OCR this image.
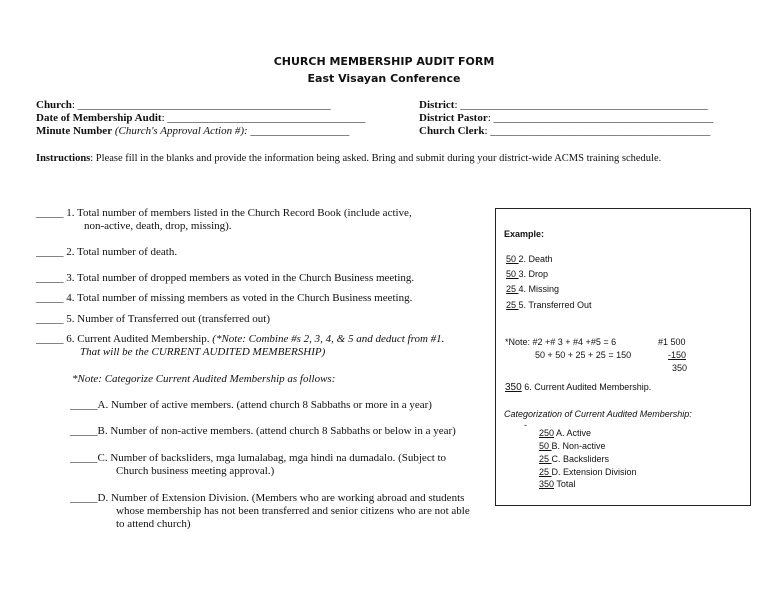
CHURCH MEMBERSHIP AUDIT FORM
East Visayan Conference
Church: ______________________________________________
Date of Membership Audit: ____________________________________
Minute Number (Church's Approval Action #): __________________
District: _____________________________________________
District Pastor: ________________________________________
Church Clerk: ________________________________________
Instructions: Please fill in the blanks and provide the information being asked. Bring and submit during your district-wide ACMS training schedule.
_____ 1. Total number of members listed in the Church Record Book (include active,
non-active, death, drop, missing).
_____ 2. Total number of death.
_____ 3. Total number of dropped members as voted in the Church Business meeting.
_____ 4. Total number of missing members as voted in the Church Business meeting.
_____ 5. Number of Transferred out (transferred out)
_____ 6. Current Audited Membership. (*Note: Combine #s 2, 3, 4, & 5 and deduct from #1.
That will be the CURRENT AUDITED MEMBERSHIP)
*Note: Categorize Current Audited Membership as follows:
_____A. Number of active members. (attend church 8 Sabbaths or more in a year)
_____B. Number of non-active members. (attend church 8 Sabbaths or below in a year)
_____C. Number of backsliders, mga lumalabag, mga hindi na dumadalo. (Subject to
Church business meeting approval.)
_____D. Number of Extension Division. (Members who are working abroad and students
whose membership has not been transferred and senior citizens who are not able
to attend church)
Example:
50 2. Death
50 3. Drop
25 4. Missing
25 5. Transferred Out
*Note: #2 +# 3 + #4 +#5 = 6	#1 500
50 + 50 + 25 + 25 = 150	-150
350
350 6. Current Audited Membership.
Categorization of Current Audited Membership:
-
250 A. Active
50 B. Non-active
25 C. Backsliders
25 D. Extension Division
350 Total
